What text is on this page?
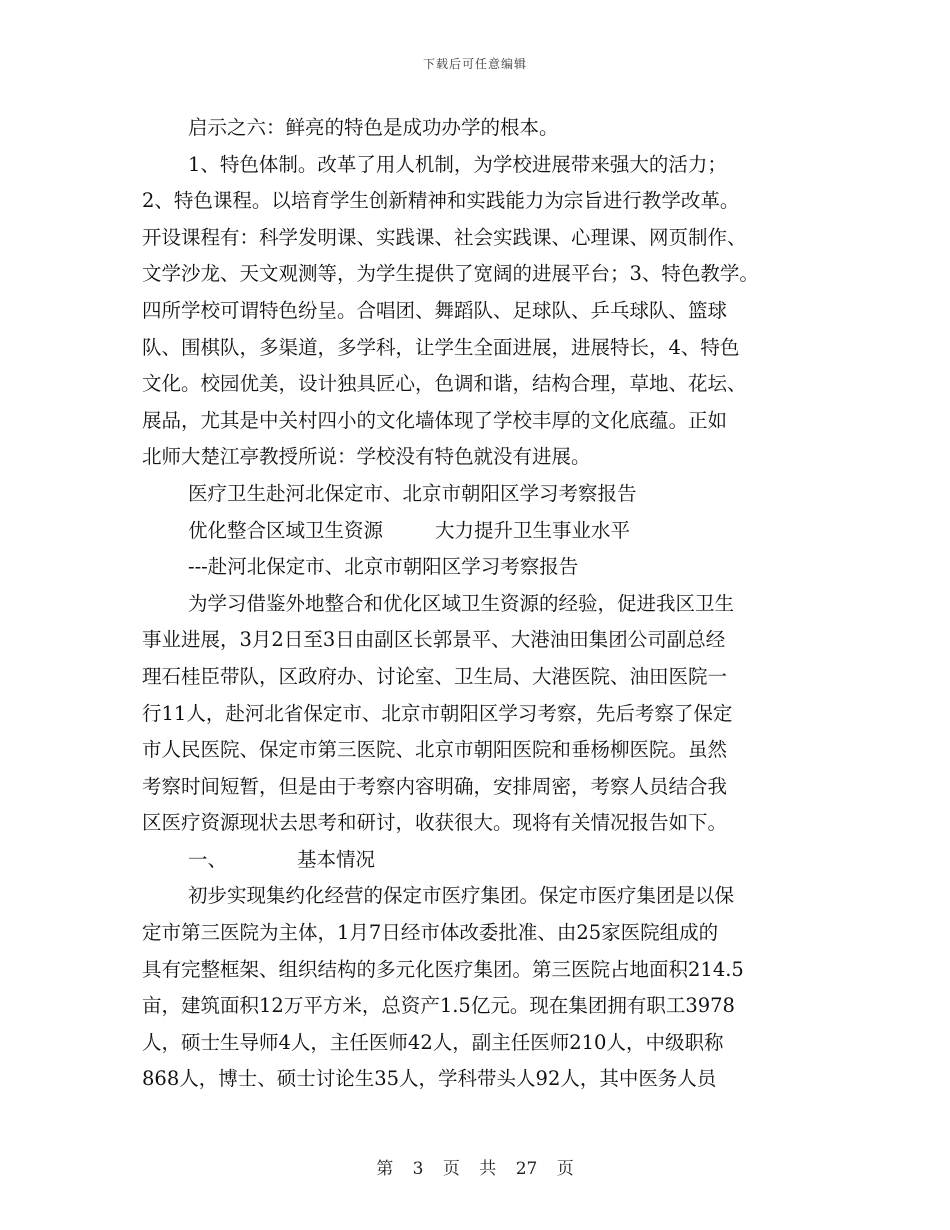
下载后可任意编辑
启示之六：鲜亮的特色是成功办学的根本。
1、特色体制。改革了用人机制，为学校进展带来强大的活力；
2、特色课程。以培育学生创新精神和实践能力为宗旨进行教学改革。
开设课程有：科学发明课、实践课、社会实践课、心理课、网页制作、
文学沙龙、天文观测等，为学生提供了宽阔的进展平台；3、特色教学。
四所学校可谓特色纷呈。合唱团、舞蹈队、足球队、乒乓球队、篮球
队、围棋队，多渠道，多学科，让学生全面进展，进展特长，4、特色
文化。校园优美，设计独具匠心，色调和谐，结构合理，草地、花坛、
展品，尤其是中关村四小的文化墙体现了学校丰厚的文化底蕴。正如
北师大楚江亭教授所说：学校没有特色就没有进展。
医疗卫生赴河北保定市、北京市朝阳区学习考察报告
优化整合区域卫生资源	大力提升卫生事业水平
---赴河北保定市、北京市朝阳区学习考察报告
为学习借鉴外地整合和优化区域卫生资源的经验，促进我区卫生
事业进展，3月2日至3日由副区长郭景平、大港油田集团公司副总经
理石桂臣带队，区政府办、讨论室、卫生局、大港医院、油田医院一
行11人，赴河北省保定市、北京市朝阳区学习考察，先后考察了保定
市人民医院、保定市第三医院、北京市朝阳医院和垂杨柳医院。虽然
考察时间短暂，但是由于考察内容明确，安排周密，考察人员结合我
区医疗资源现状去思考和研讨，收获很大。现将有关情况报告如下。
一、	基本情况
初步实现集约化经营的保定市医疗集团。保定市医疗集团是以保
定市第三医院为主体，1月7日经市体改委批准、由25家医院组成的
具有完整框架、组织结构的多元化医疗集团。第三医院占地面积214.5
亩，建筑面积12万平方米，总资产1.5亿元。现在集团拥有职工3978
人，硕士生导师4人，主任医师42人，副主任医师210人，中级职称
868人，博士、硕士讨论生35人，学科带头人92人，其中医务人员
第 3 页 共 27 页
